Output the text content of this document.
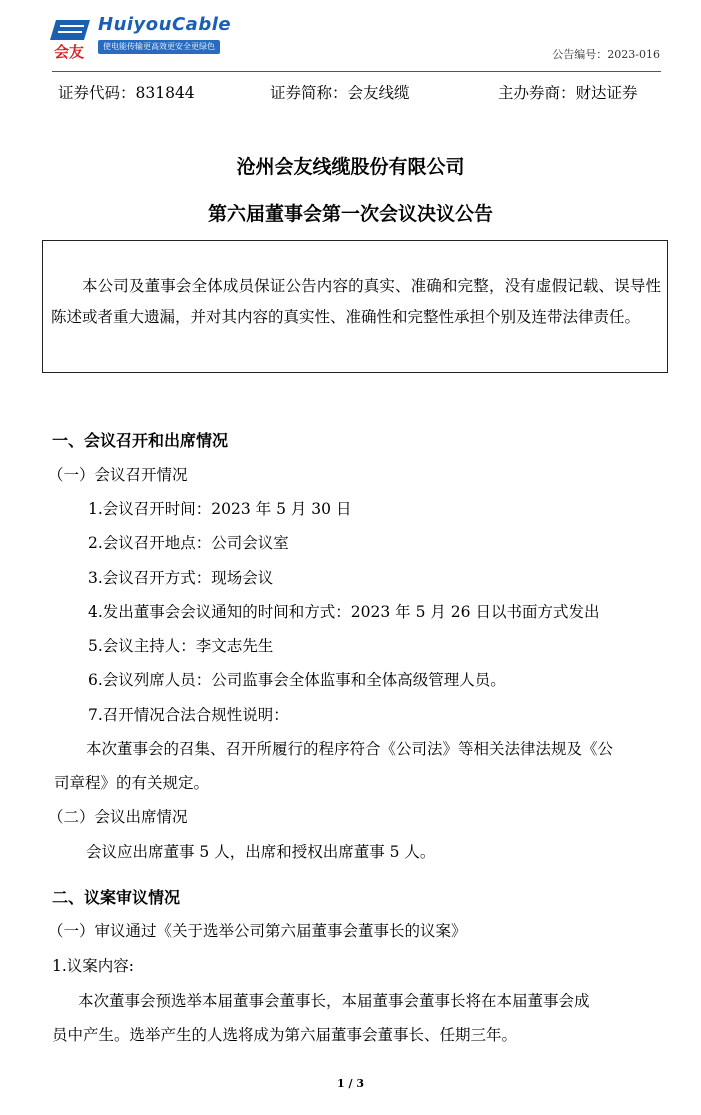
会友
HuiyouCable
使电能传输更高效更安全更绿色
公告编号：2023-016
证券代码：831844	证券简称：会友线缆	主办券商：财达证券
沧州会友线缆股份有限公司
第六届董事会第一次会议决议公告
本公司及董事会全体成员保证公告内容的真实、准确和完整，没有虚假记载、误导性陈述或者重大遗漏，并对其内容的真实性、准确性和完整性承担个别及连带法律责任。
一、会议召开和出席情况
（一）会议召开情况
1.会议召开时间：2023 年 5 月 30 日
2.会议召开地点：公司会议室
3.会议召开方式：现场会议
4.发出董事会会议通知的时间和方式：2023 年 5 月 26 日以书面方式发出
5.会议主持人：李文志先生
6.会议列席人员：公司监事会全体监事和全体高级管理人员。
7.召开情况合法合规性说明：
本次董事会的召集、召开所履行的程序符合《公司法》等相关法律法规及《公
司章程》的有关规定。
（二）会议出席情况
会议应出席董事 5 人，出席和授权出席董事 5 人。
二、议案审议情况
（一）审议通过《关于选举公司第六届董事会董事长的议案》
1.议案内容:
本次董事会预选举本届董事会董事长，本届董事会董事长将在本届董事会成
员中产生。选举产生的人选将成为第六届董事会董事长、任期三年。
1 / 3
